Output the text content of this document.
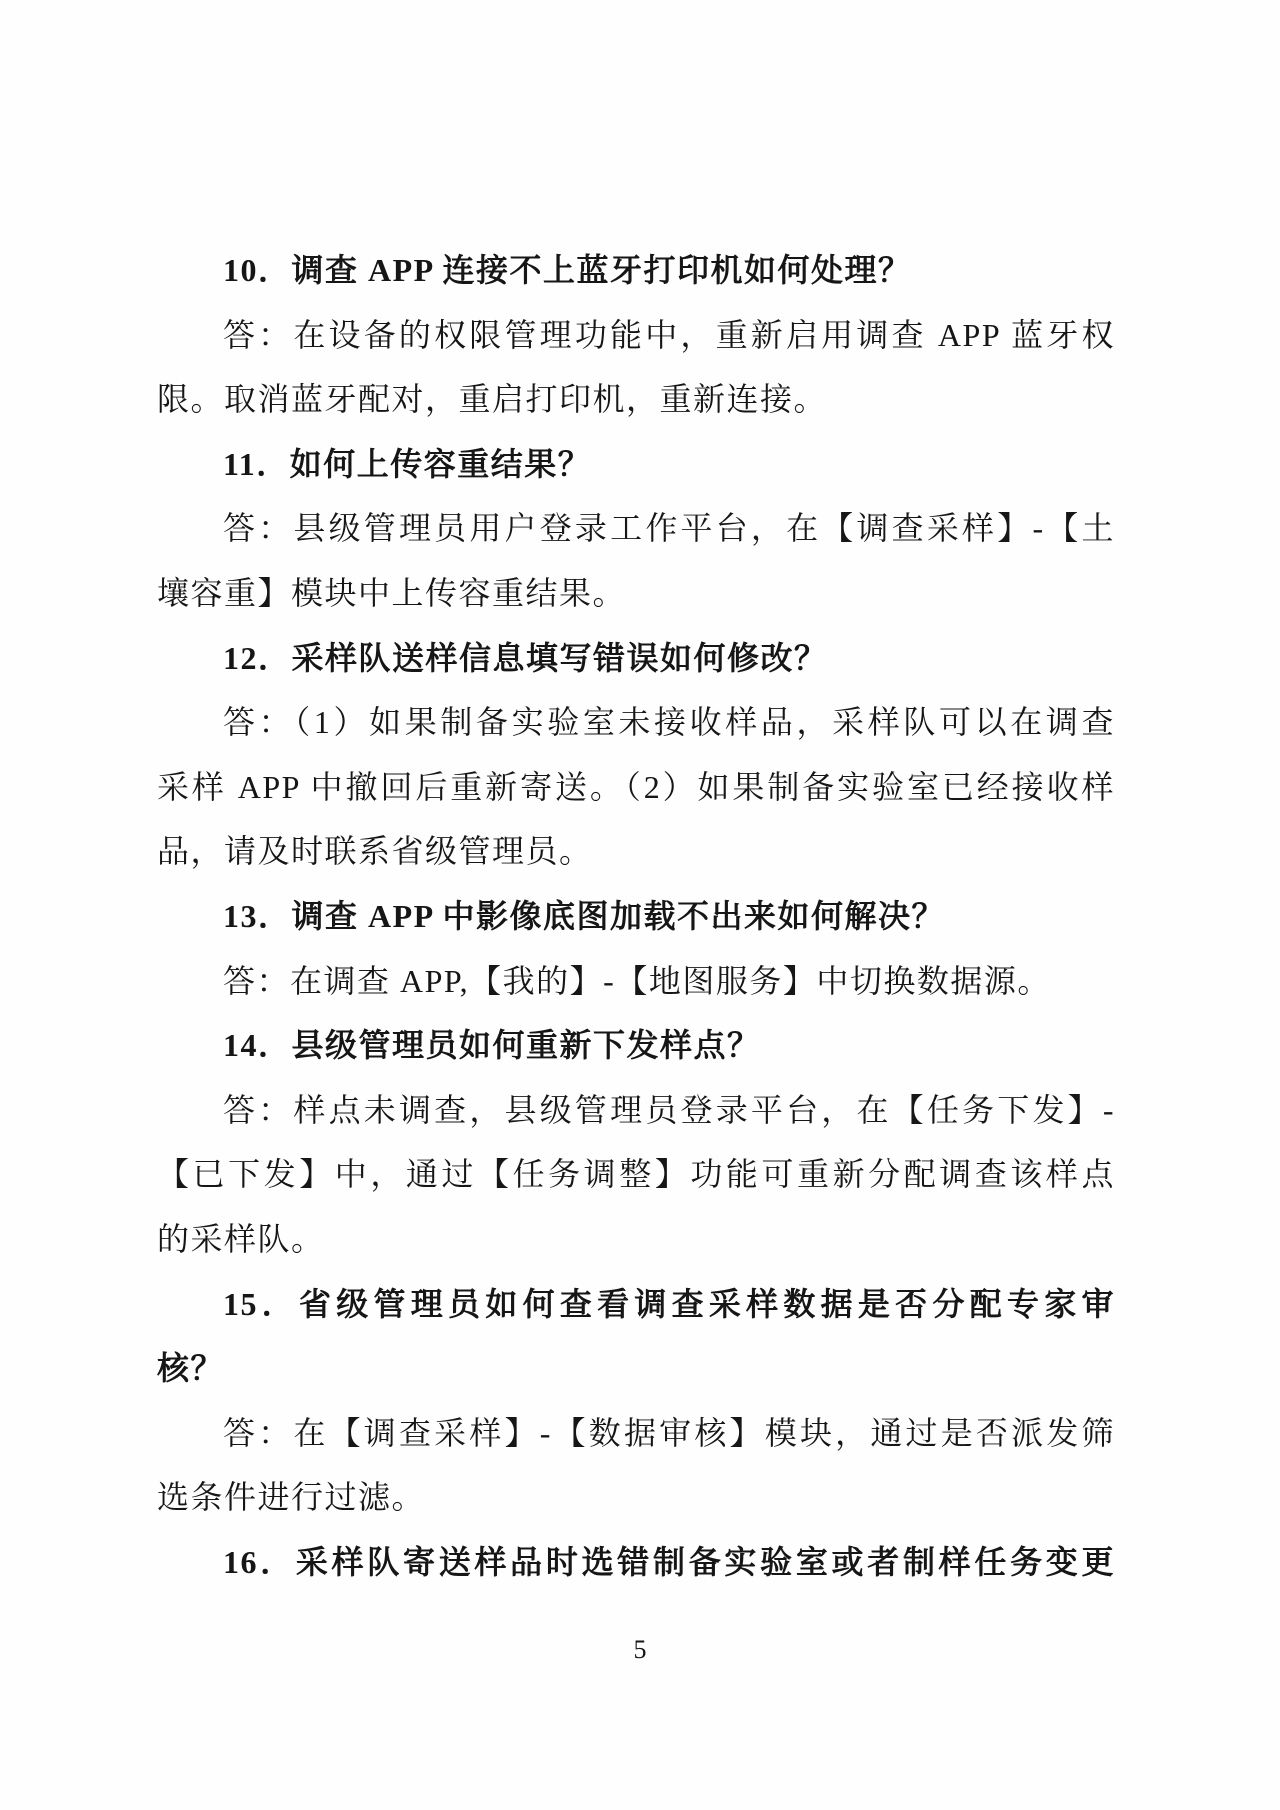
10．调查 APP 连接不上蓝牙打印机如何处理？
答：在设备的权限管理功能中，重新启用调查 APP 蓝牙权
限。取消蓝牙配对，重启打印机，重新连接。
11．如何上传容重结果？
答：县级管理员用户登录工作平台，在【调查采样】-【土
壤容重】模块中上传容重结果。
12．采样队送样信息填写错误如何修改？
答：（1）如果制备实验室未接收样品，采样队可以在调查
采样 APP 中撤回后重新寄送。（2）如果制备实验室已经接收样
品，请及时联系省级管理员。
13．调查 APP 中影像底图加载不出来如何解决？
答：在调查 APP,【我的】-【地图服务】中切换数据源。
14．县级管理员如何重新下发样点？
答：样点未调查，县级管理员登录平台，在【任务下发】-
【已下发】中，通过【任务调整】功能可重新分配调查该样点
的采样队。
15．省级管理员如何查看调查采样数据是否分配专家审
核？
答：在【调查采样】-【数据审核】模块，通过是否派发筛
选条件进行过滤。
16．采样队寄送样品时选错制备实验室或者制样任务变更
5
